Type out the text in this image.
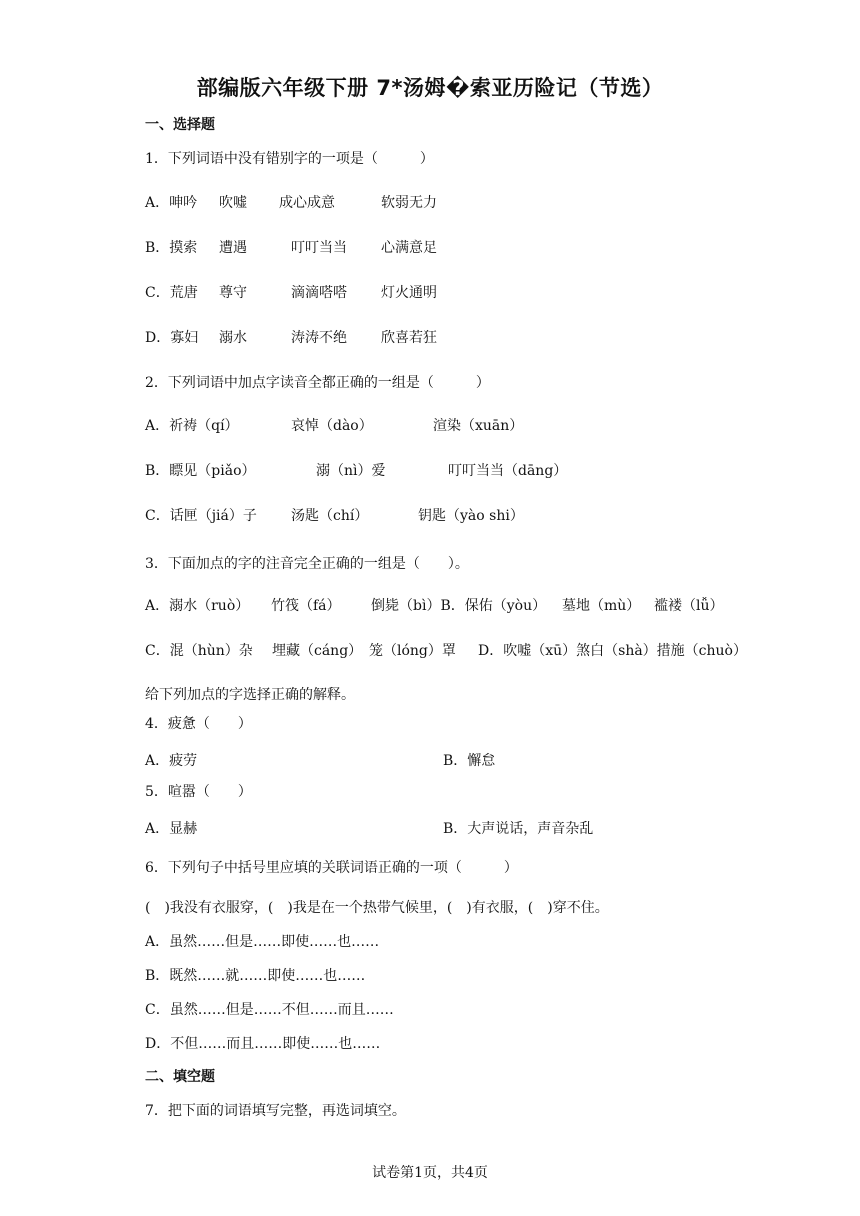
部编版六年级下册 7*汤姆�索亚历险记（节选）
一、选择题
1．下列词语中没有错别字的一项是（　　　）
A．呻吟 吹嘘 成心成意	软弱无力
B．摸索 遭遇	叮叮当当 心满意足
C．荒唐 尊守	滴滴嗒嗒 灯火通明
D．寡妇 溺水	涛涛不绝 欣喜若狂
2．下列词语中加点字读音全都正确的一组是（　　　）
A．祈祷（qí）	哀悼（dào）	渲染（xuān）
B．瞟见（piǎo）	溺（nì）爱	叮叮当当（dāng）
C．话匣（jiá）子 汤匙（chí）	钥匙（yào shi）
3．下面加点的字的注音完全正确的一组是（　　）。
A．溺水（ruò） 竹筏（fá） 倒毙（bì）B．保佑（yòu） 墓地（mù） 褴褛（lǚ）
C．混（hùn）杂 埋藏（cáng） 笼（lóng）罩 D．吹嘘（xū）煞白（shà）措施（chuò）
给下列加点的字选择正确的解释。
4．疲惫（　　）
A．疲劳	B．懈怠
5．喧嚣（　　）
A．显赫	B．大声说话，声音杂乱
6．下列句子中括号里应填的关联词语正确的一项（　　　）
(　)我没有衣服穿，(　)我是在一个热带气候里，(　)有衣服，(　)穿不住。
A．虽然……但是……即使……也……
B．既然……就……即使……也……
C．虽然……但是……不但……而且……
D．不但……而且……即使……也……
二、填空题
7．把下面的词语填写完整，再选词填空。
试卷第1页，共4页
